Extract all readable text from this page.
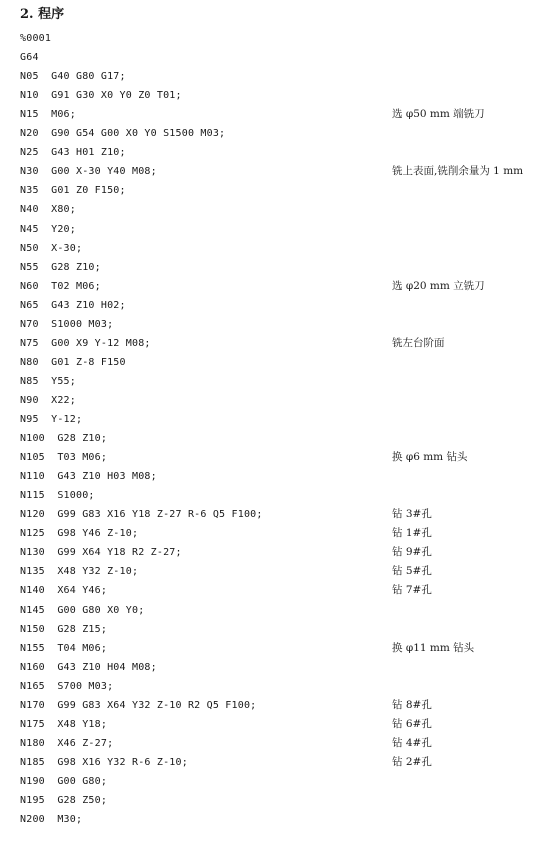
2. 程序
%0001
G64
N05  G40 G80 G17;
N10  G91 G30 X0 Y0 Z0 T01;
N15  M06;	选 φ50 mm 端铣刀
N20  G90 G54 G00 X0 Y0 S1500 M03;
N25  G43 H01 Z10;
N30  G00 X-30 Y40 M08;	铣上表面,铣削余量为 1 mm
N35  G01 Z0 F150;
N40  X80;
N45  Y20;
N50  X-30;
N55  G28 Z10;
N60  T02 M06;	选 φ20 mm 立铣刀
N65  G43 Z10 H02;
N70  S1000 M03;
N75  G00 X9 Y-12 M08;	铣左台阶面
N80  G01 Z-8 F150
N85  Y55;
N90  X22;
N95  Y-12;
N100  G28 Z10;
N105  T03 M06;	换 φ6 mm 钻头
N110  G43 Z10 H03 M08;
N115  S1000;
N120  G99 G83 X16 Y18 Z-27 R-6 Q5 F100;	钻 3#孔
N125  G98 Y46 Z-10;	钻 1#孔
N130  G99 X64 Y18 R2 Z-27;	钻 9#孔
N135  X48 Y32 Z-10;	钻 5#孔
N140  X64 Y46;	钻 7#孔
N145  G00 G80 X0 Y0;
N150  G28 Z15;
N155  T04 M06;	换 φ11 mm 钻头
N160  G43 Z10 H04 M08;
N165  S700 M03;
N170  G99 G83 X64 Y32 Z-10 R2 Q5 F100;	钻 8#孔
N175  X48 Y18;	钻 6#孔
N180  X46 Z-27;	钻 4#孔
N185  G98 X16 Y32 R-6 Z-10;	钻 2#孔
N190  G00 G80;
N195  G28 Z50;
N200  M30;
